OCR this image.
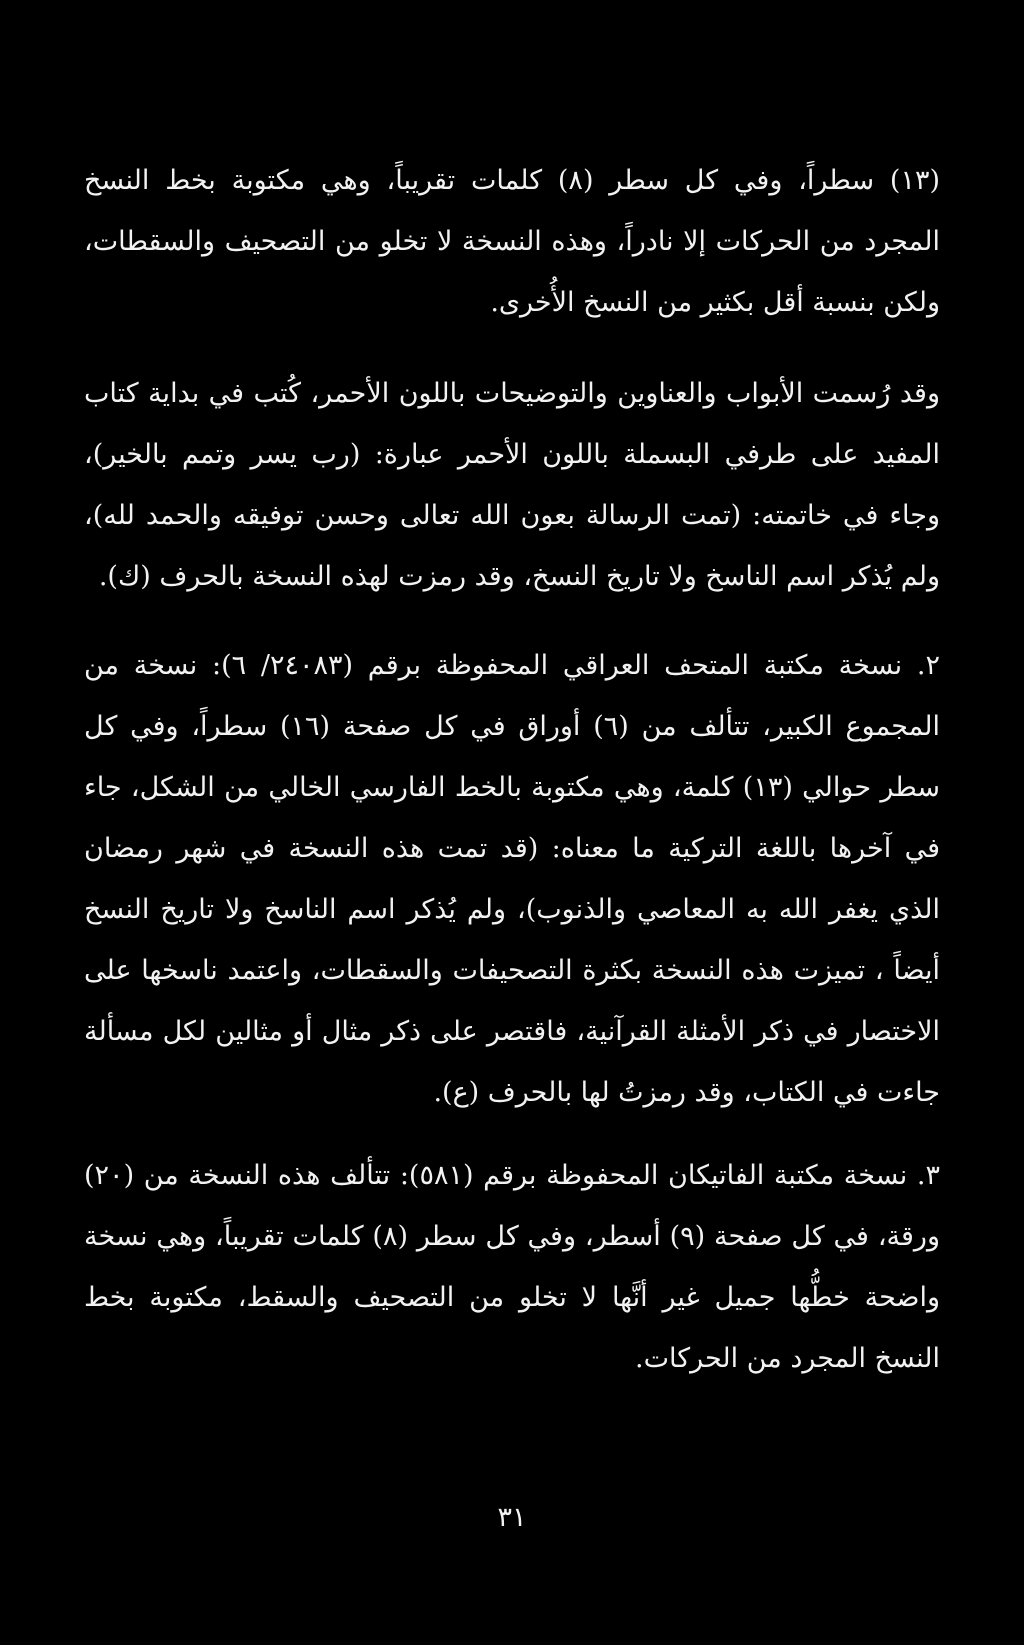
(١٣) سطراً، وفي كل سطر (٨) كلمات تقريباً، وهي مكتوبة بخط النسخ المجرد من الحركات إلا نادراً، وهذه النسخة لا تخلو من التصحيف والسقطات، ولكن بنسبة أقل بكثير من النسخ الأُخرى.

وقد رُسمت الأبواب والعناوين والتوضيحات باللون الأحمر، كُتب في بداية كتاب المفيد على طرفي البسملة باللون الأحمر عبارة: (رب يسر وتمم بالخير)، وجاء في خاتمته: (تمت الرسالة بعون الله تعالى وحسن توفيقه والحمد لله)، ولم يُذكر اسم الناسخ ولا تاريخ النسخ، وقد رمزت لهذه النسخة بالحرف (ك).

٢. نسخة مكتبة المتحف العراقي المحفوظة برقم (٢٤٠٨٣/ ٦): نسخة من المجموع الكبير، تتألف من (٦) أوراق في كل صفحة (١٦) سطراً، وفي كل سطر حوالي (١٣) كلمة، وهي مكتوبة بالخط الفارسي الخالي من الشكل، جاء في آخرها باللغة التركية ما معناه: (قد تمت هذه النسخة في شهر رمضان الذي يغفر الله به المعاصي والذنوب)، ولم يُذكر اسم الناسخ ولا تاريخ النسخ أيضاً ، تميزت هذه النسخة بكثرة التصحيفات والسقطات، واعتمد ناسخها على الاختصار في ذكر الأمثلة القرآنية، فاقتصر على ذكر مثال أو مثالين لكل مسألة جاءت في الكتاب، وقد رمزتُ لها بالحرف (ع).

٣. نسخة مكتبة الفاتيكان المحفوظة برقم (٥٨١): تتألف هذه النسخة من (٢٠) ورقة، في كل صفحة (٩) أسطر، وفي كل سطر (٨) كلمات تقريباً، وهي نسخة واضحة خطُّها جميل غير أنَّها لا تخلو من التصحيف والسقط، مكتوبة بخط النسخ المجرد من الحركات.

٣١
